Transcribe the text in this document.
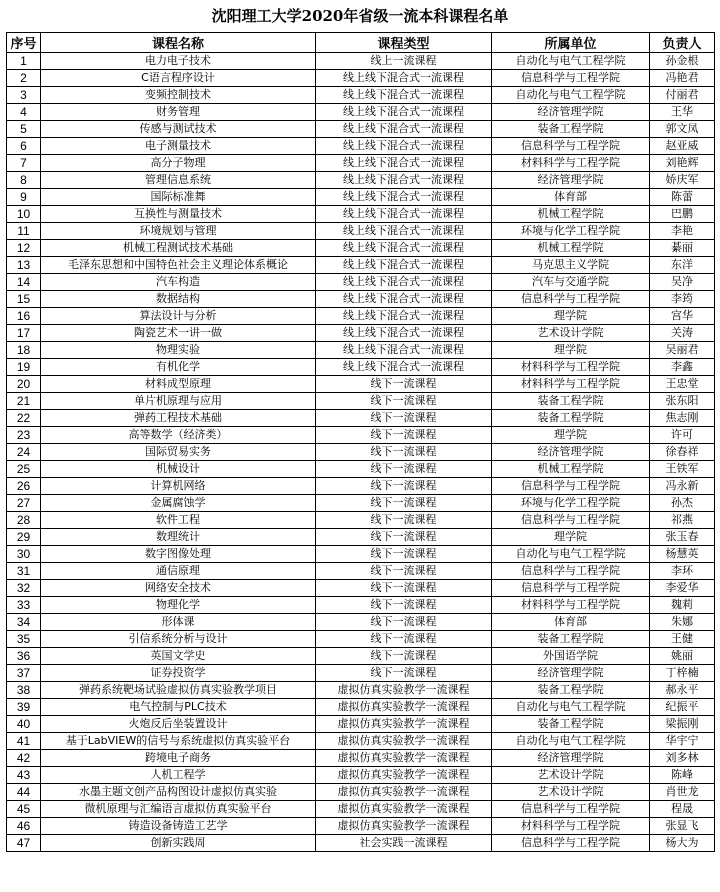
沈阳理工大学2020年省级一流本科课程名单
序号	课程名称	课程类型	所属单位	负责人
1	电力电子技术	线上一流课程	自动化与电气工程学院	孙金根
2	C语言程序设计	线上线下混合式一流课程	信息科学与工程学院	冯艳君
3	变频控制技术	线上线下混合式一流课程	自动化与电气工程学院	付丽君
4	财务管理	线上线下混合式一流课程	经济管理学院	王华
5	传感与测试技术	线上线下混合式一流课程	装备工程学院	郭文凤
6	电子测量技术	线上线下混合式一流课程	信息科学与工程学院	赵亚威
7	高分子物理	线上线下混合式一流课程	材料科学与工程学院	刘艳辉
8	管理信息系统	线上线下混合式一流课程	经济管理学院	娇庆军
9	国际标准舞	线上线下混合式一流课程	体育部	陈蕾
10	互换性与测量技术	线上线下混合式一流课程	机械工程学院	巴鹏
11	环境规划与管理	线上线下混合式一流课程	环境与化学工程学院	李艳
12	机械工程测试技术基础	线上线下混合式一流课程	机械工程学院	綦丽
13	毛泽东思想和中国特色社会主义理论体系概论	线上线下混合式一流课程	马克思主义学院	东洋
14	汽车构造	线上线下混合式一流课程	汽车与交通学院	吴净
15	数据结构	线上线下混合式一流课程	信息科学与工程学院	李筠
16	算法设计与分析	线上线下混合式一流课程	理学院	宫华
17	陶瓷艺术一讲一做	线上线下混合式一流课程	艺术设计学院	关涛
18	物理实验	线上线下混合式一流课程	理学院	吴丽君
19	有机化学	线上线下混合式一流课程	材料科学与工程学院	李鑫
20	材料成型原理	线下一流课程	材料科学与工程学院	王忠堂
21	单片机原理与应用	线下一流课程	装备工程学院	张东阳
22	弹药工程技术基础	线下一流课程	装备工程学院	焦志刚
23	高等数学（经济类）	线下一流课程	理学院	许可
24	国际贸易实务	线下一流课程	经济管理学院	徐春祥
25	机械设计	线下一流课程	机械工程学院	王铁军
26	计算机网络	线下一流课程	信息科学与工程学院	冯永新
27	金属腐蚀学	线下一流课程	环境与化学工程学院	孙杰
28	软件工程	线下一流课程	信息科学与工程学院	祁燕
29	数理统计	线下一流课程	理学院	张玉春
30	数字图像处理	线下一流课程	自动化与电气工程学院	杨慧英
31	通信原理	线下一流课程	信息科学与工程学院	李环
32	网络安全技术	线下一流课程	信息科学与工程学院	李爱华
33	物理化学	线下一流课程	材料科学与工程学院	魏莉
34	形体课	线下一流课程	体育部	朱娜
35	引信系统分析与设计	线下一流课程	装备工程学院	王健
36	英国文学史	线下一流课程	外国语学院	姚丽
37	证券投资学	线下一流课程	经济管理学院	丁梓楠
38	弹药系统靶场试验虚拟仿真实验教学项目	虚拟仿真实验教学一流课程	装备工程学院	郝永平
39	电气控制与PLC技术	虚拟仿真实验教学一流课程	自动化与电气工程学院	纪振平
40	火炮反后坐装置设计	虚拟仿真实验教学一流课程	装备工程学院	梁振刚
41	基于LabVIEW的信号与系统虚拟仿真实验平台	虚拟仿真实验教学一流课程	自动化与电气工程学院	华宇宁
42	跨境电子商务	虚拟仿真实验教学一流课程	经济管理学院	刘多林
43	人机工程学	虚拟仿真实验教学一流课程	艺术设计学院	陈峰
44	水墨主题文创产品构图设计虚拟仿真实验	虚拟仿真实验教学一流课程	艺术设计学院	肖世龙
45	微机原理与汇编语言虚拟仿真实验平台	虚拟仿真实验教学一流课程	信息科学与工程学院	程晟
46	铸造设备铸造工艺学	虚拟仿真实验教学一流课程	材料科学与工程学院	张显飞
47	创新实践周	社会实践一流课程	信息科学与工程学院	杨大为
